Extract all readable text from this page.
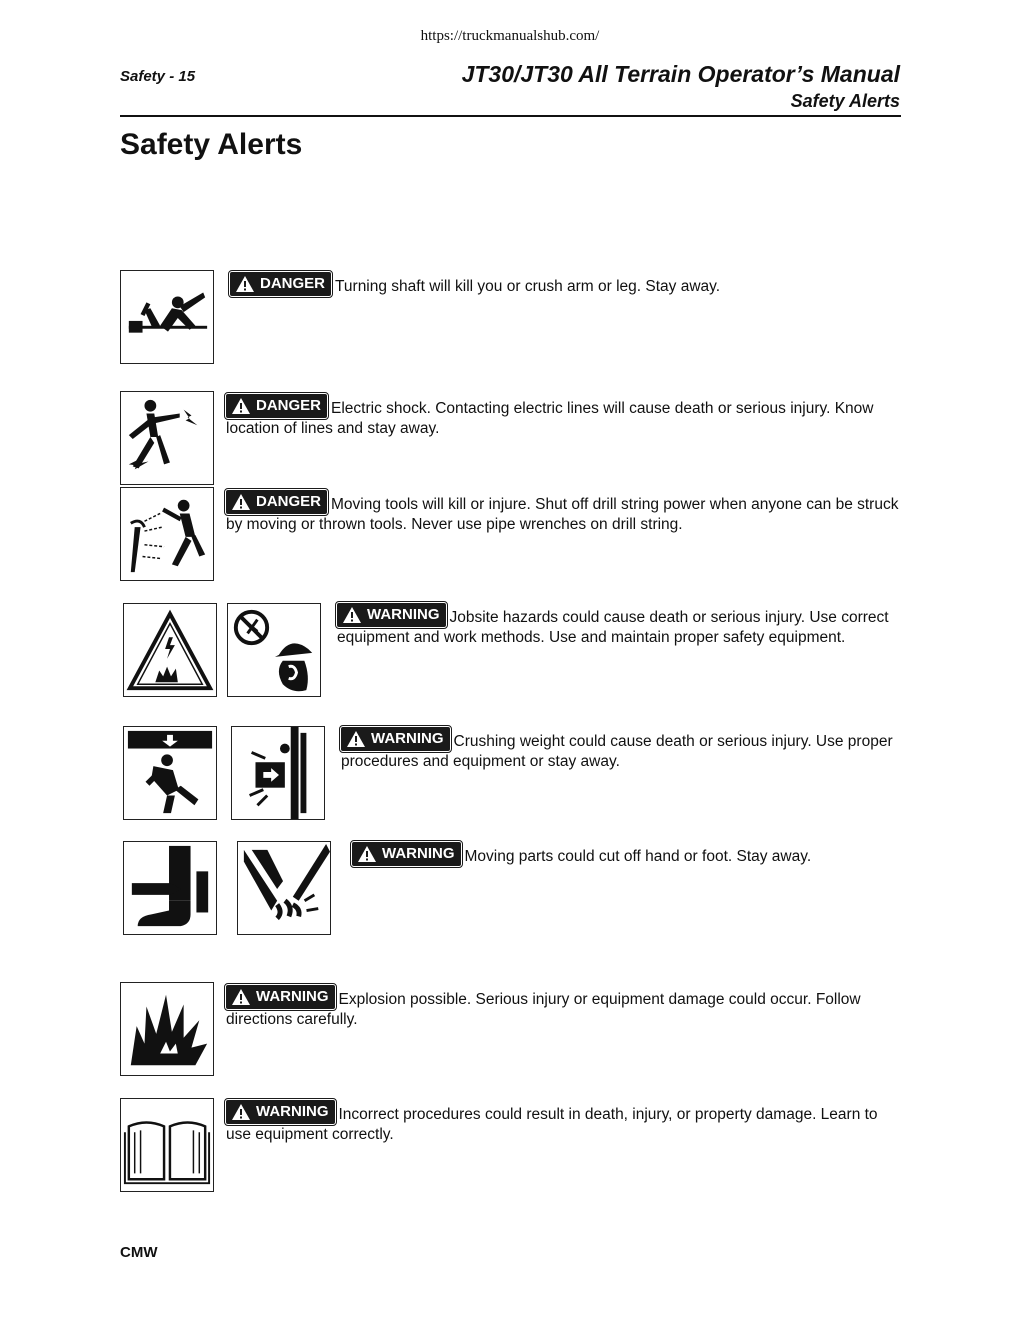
https://truckmanualshub.com/
Safety - 15	JT30/JT30 All Terrain Operator’s Manual
Safety Alerts
Safety Alerts
DANGER Turning shaft will kill you or crush arm or leg. Stay away.
DANGER Electric shock. Contacting electric lines will cause death or serious injury. Know location of lines and stay away.
DANGER Moving tools will kill or injure. Shut off drill string power when anyone can be struck by moving or thrown tools. Never use pipe wrenches on drill string.
WARNING Jobsite hazards could cause death or serious injury. Use correct equipment and work methods. Use and maintain proper safety equipment.
WARNING Crushing weight could cause death or serious injury. Use proper procedures and equipment or stay away.
WARNING Moving parts could cut off hand or foot. Stay away.
WARNING Explosion possible. Serious injury or equipment damage could occur. Follow directions carefully.
WARNING Incorrect procedures could result in death, injury, or property damage. Learn to use equipment correctly.
CMW
